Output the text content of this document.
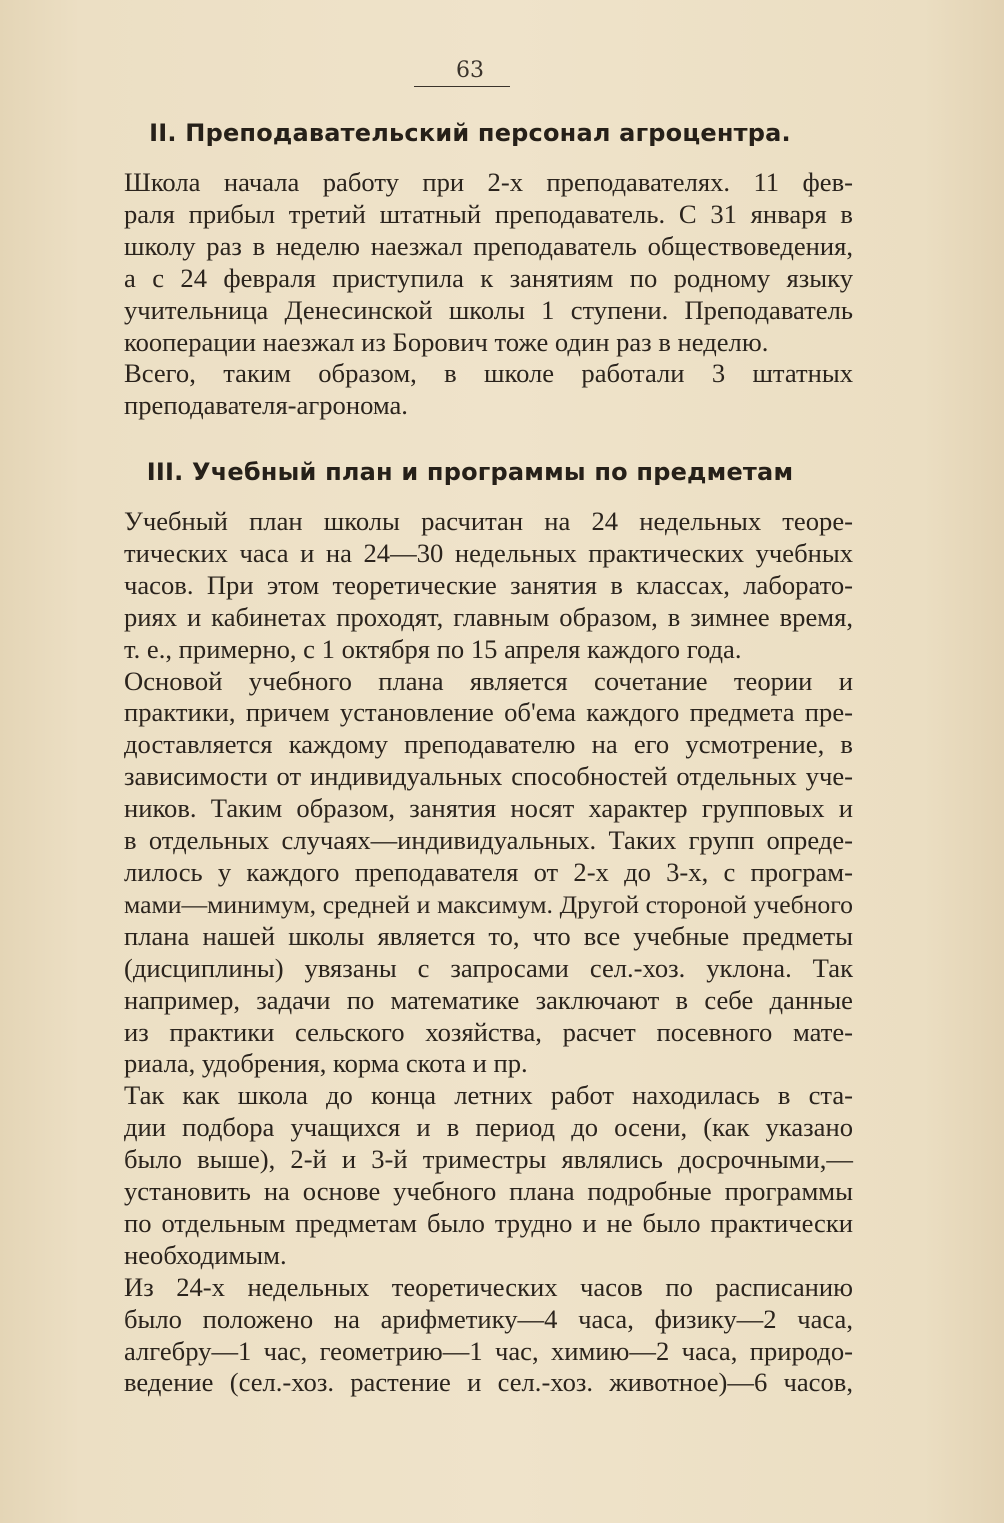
63
II. Преподавательский персонал агроцентра.

Школа начала работу при 2-х преподавателях. 11 фев-
раля прибыл третий штатный преподаватель. С 31 января в
школу раз в неделю наезжал преподаватель обществоведения,
а с 24 февраля приступила к занятиям по родному языку
учительница Денесинской школы 1 ступени. Преподаватель
кооперации наезжал из Борович тоже один раз в неделю.

Всего, таким образом, в школе работали 3 штатных
преподавателя-агронома.

III. Учебный план и программы по предметам

Учебный план школы расчитан на 24 недельных теоре-
тических часа и на 24—30 недельных практических учебных
часов. При этом теоретические занятия в классах, лаборато-
риях и кабинетах проходят, главным образом, в зимнее время,
т. е., примерно, с 1 октября по 15 апреля каждого года.

Основой учебного плана является сочетание теории и
практики, причем установление об'ема каждого предмета пре-
доставляется каждому преподавателю на его усмотрение, в
зависимости от индивидуальных способностей отдельных уче-
ников. Таким образом, занятия носят характер групповых и
в отдельных случаях—индивидуальных. Таких групп опреде-
лилось у каждого преподавателя от 2-х до 3-х, с програм-
мами—минимум, средней и максимум. Другой стороной учебного
плана нашей школы является то, что все учебные предметы
(дисциплины) увязаны с запросами сел.-хоз. уклона. Так
например, задачи по математике заключают в себе данные
из практики сельского хозяйства, расчет посевного мате-
риала, удобрения, корма скота и пр.

Так как школа до конца летних работ находилась в ста-
дии подбора учащихся и в период до осени, (как указано
было выше), 2-й и 3-й триместры являлись досрочными,—
установить на основе учебного плана подробные программы
по отдельным предметам было трудно и не было практически
необходимым.

Из 24-х недельных теоретических часов по расписанию
было положено на арифметику—4 часа, физику—2 часа,
алгебру—1 час, геометрию—1 час, химию—2 часа, природо-
ведение (сел.-хоз. растение и сел.-хоз. животное)—6 часов,
